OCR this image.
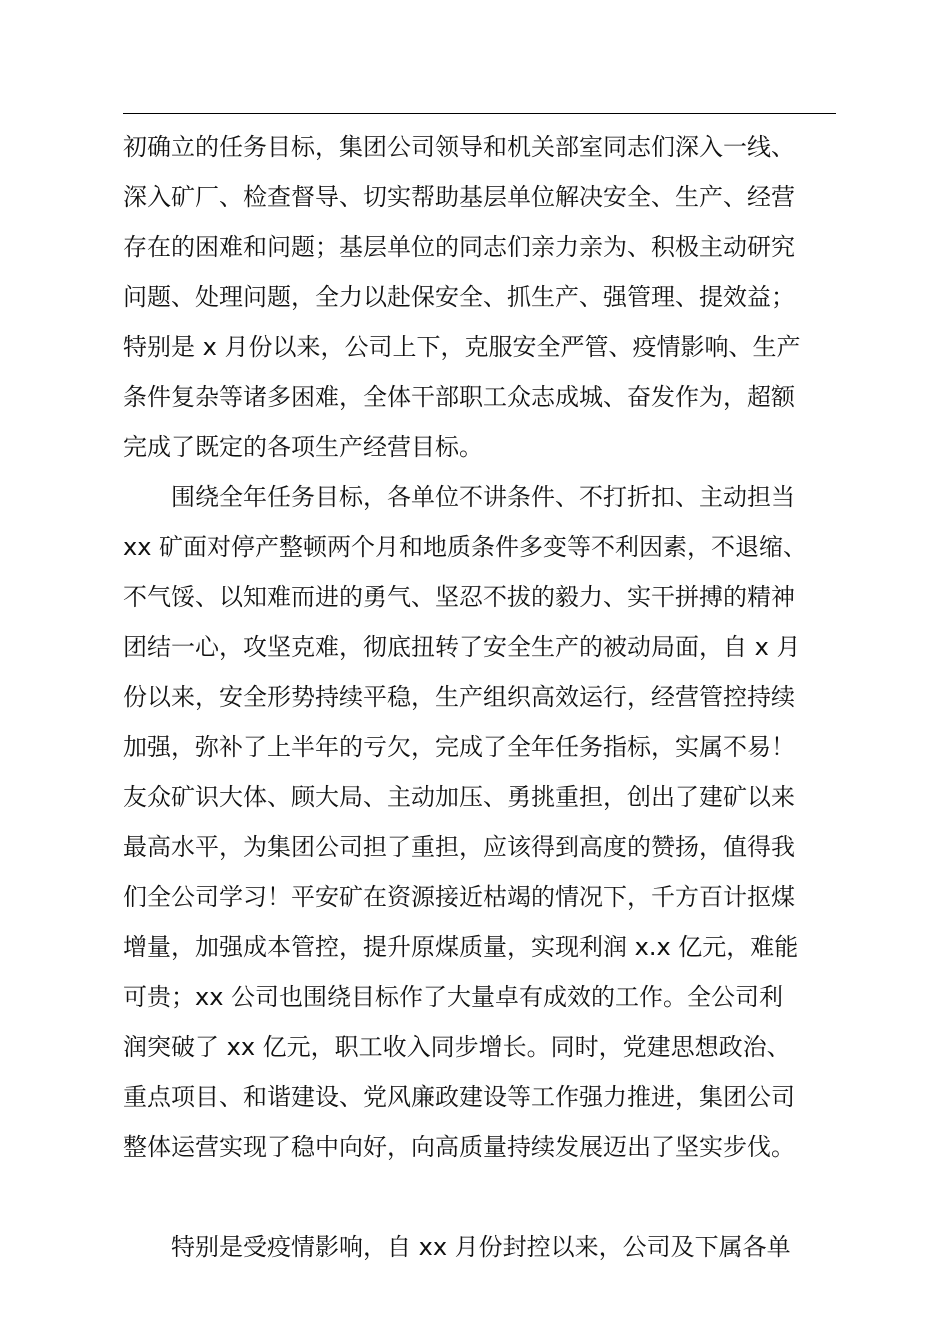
初确立的任务目标，集团公司领导和机关部室同志们深入一线、
深入矿厂、检查督导、切实帮助基层单位解决安全、生产、经营
存在的困难和问题；基层单位的同志们亲力亲为、积极主动研究
问题、处理问题，全力以赴保安全、抓生产、强管理、提效益；
特别是 x 月份以来，公司上下，克服安全严管、疫情影响、生产
条件复杂等诸多困难，全体干部职工众志成城、奋发作为，超额
完成了既定的各项生产经营目标。
围绕全年任务目标，各单位不讲条件、不打折扣、主动担当
xx 矿面对停产整顿两个月和地质条件多变等不利因素，不退缩、
不气馁、以知难而进的勇气、坚忍不拔的毅力、实干拼搏的精神
团结一心，攻坚克难，彻底扭转了安全生产的被动局面，自 x 月
份以来，安全形势持续平稳，生产组织高效运行，经营管控持续
加强，弥补了上半年的亏欠，完成了全年任务指标，实属不易！
友众矿识大体、顾大局、主动加压、勇挑重担，创出了建矿以来
最高水平，为集团公司担了重担，应该得到高度的赞扬，值得我
们全公司学习！平安矿在资源接近枯竭的情况下，千方百计抠煤
增量，加强成本管控，提升原煤质量，实现利润 x.x 亿元，难能
可贵；xx 公司也围绕目标作了大量卓有成效的工作。全公司利
润突破了 xx 亿元，职工收入同步增长。同时，党建思想政治、
重点项目、和谐建设、党风廉政建设等工作强力推进，集团公司
整体运营实现了稳中向好，向高质量持续发展迈出了坚实步伐。
特别是受疫情影响，自 xx 月份封控以来，公司及下属各单
